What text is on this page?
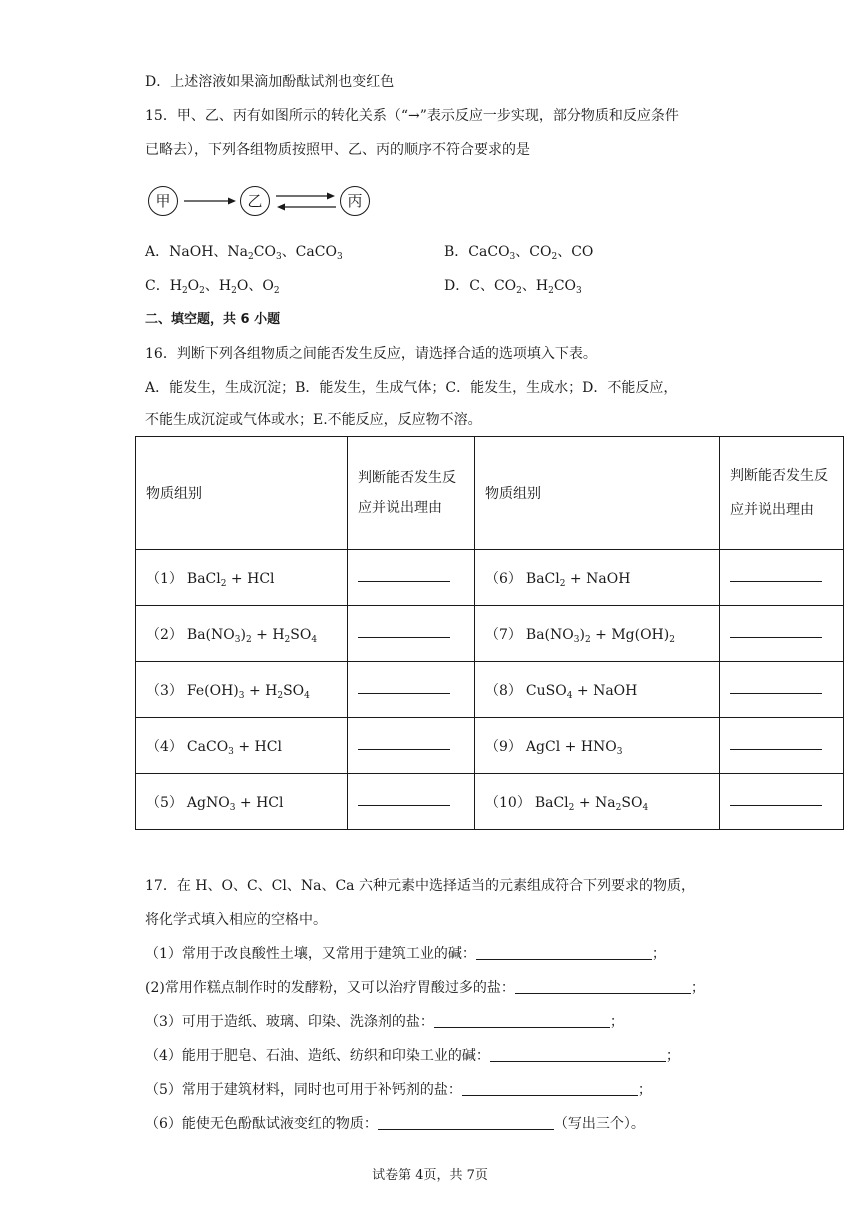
D．上述溶液如果滴加酚酞试剂也变红色
15．甲、乙、丙有如图所示的转化关系（“→”表示反应一步实现，部分物质和反应条件
已略去），下列各组物质按照甲、乙、丙的顺序不符合要求的是
甲	乙	丙
A．NaOH、$Na_2CO_3$、CaCO$_3$	B．CaCO$_3$、$CO_2$、CO
C．$H_2O_2$、$H_2O$、$O_2$	D．C、$CO_2$、$H_2CO_3$
二、填空题，共 6 小题
16．判断下列各组物质之间能否发生反应，请选择合适的选项填入下表。
A．能发生，生成沉淀；B．能发生，生成气体；C．能发生，生成水；D．不能反应，
不能生成沉淀或气体或水；E.不能反应，反应物不溶。
物质组别	判断能否发生反应并说出理由	物质组别	判断能否发生反应并说出理由
（1） BaCl$_2$ + HCl		（6） BaCl$_2$ + NaOH	
（2） $Ba(NO_3)_2 + H_2SO_4$		（7） $Ba(NO_3)_2 + Mg(OH)_2$	
（3） $Fe(OH)_3 + H_2SO_4$		（8） CuSO$_4$ + NaOH	
（4） CaCO$_3$ + HCl		（9） AgCl + $HNO_3$	
（5） AgNO$_3$ + HCl		（10） BaCl$_2$ + $Na_2SO_4$	
17．在 H、O、C、Cl、Na、Ca 六种元素中选择适当的元素组成符合下列要求的物质，
将化学式填入相应的空格中。
（1）常用于改良酸性土壤，又常用于建筑工业的碱：	；
(2)常用作糕点制作时的发酵粉，又可以治疗胃酸过多的盐：	；
（3）可用于造纸、玻璃、印染、洗涤剂的盐：	；
（4）能用于肥皂、石油、造纸、纺织和印染工业的碱：	；
（5）常用于建筑材料，同时也可用于补钙剂的盐：	；
（6）能使无色酚酞试液变红的物质：	（写出三个）。
试卷第 4页，共 7页
